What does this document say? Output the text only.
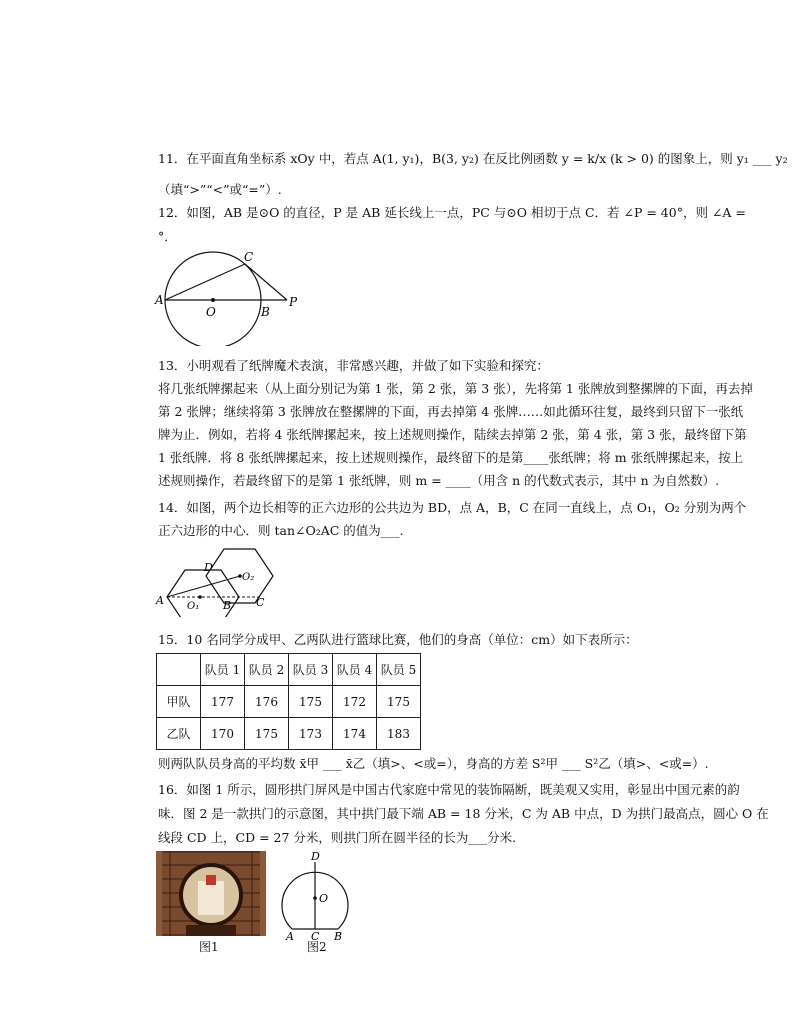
11．在平面直角坐标系 xOy 中，若点 A(1, y₁)，B(3, y₂) 在反比例函数 y = k/x (k > 0) 的图象上，则 y₁ ___ y₂
（填“>”“<”或“=”）.
12．如图，AB 是⊙O 的直径，P 是 AB 延长线上一点，PC 与⊙O 相切于点 C．若 ∠P = 40°，则 ∠A =
°．
A
O	B
P
C
13．小明观看了纸牌魔术表演，非常感兴趣，并做了如下实验和探究：
将几张纸牌摞起来（从上面分别记为第 1 张，第 2 张，第 3 张），先将第 1 张牌放到整摞牌的下面，再去掉
第 2 张牌；继续将第 3 张牌放在整摞牌的下面，再去掉第 4 张牌……如此循环往复，最终到只留下一张纸
牌为止．例如，若将 4 张纸牌摞起来，按上述规则操作，陆续去掉第 2 张，第 4 张，第 3 张，最终留下第
1 张纸牌．将 8 张纸牌摞起来，按上述规则操作，最终留下的是第____张纸牌；将 m 张纸牌摞起来，按上
述规则操作，若最终留下的是第 1 张纸牌，则 m = ____（用含 n 的代数式表示，其中 n 为自然数）.
14．如图，两个边长相等的正六边形的公共边为 BD，点 A，B，C 在同一直线上，点 O₁，O₂ 分别为两个
正六边形的中心．则 tan∠O₂AC 的值为___.
A O₁ B C
D
O₂
15．10 名同学分成甲、乙两队进行篮球比赛，他们的身高（单位：cm）如下表所示：
	队员 1	队员 2	队员 3	队员 4	队员 5
甲队	177	176	175	172	175
乙队	170	175	173	174	183
则两队队员身高的平均数 x̄甲 ___ x̄乙（填>、<或=），身高的方差 S²甲 ___ S²乙（填>、<或=）.
16．如图 1 所示，圆形拱门屏风是中国古代家庭中常见的装饰隔断，既美观又实用，彰显出中国元素的韵
味．图 2 是一款拱门的示意图，其中拱门最下端 AB = 18 分米，C 为 AB 中点，D 为拱门最高点，圆心 O 在
线段 CD 上，CD = 27 分米，则拱门所在圆半径的长为___分米.
图1
D
O
A C B
图2
